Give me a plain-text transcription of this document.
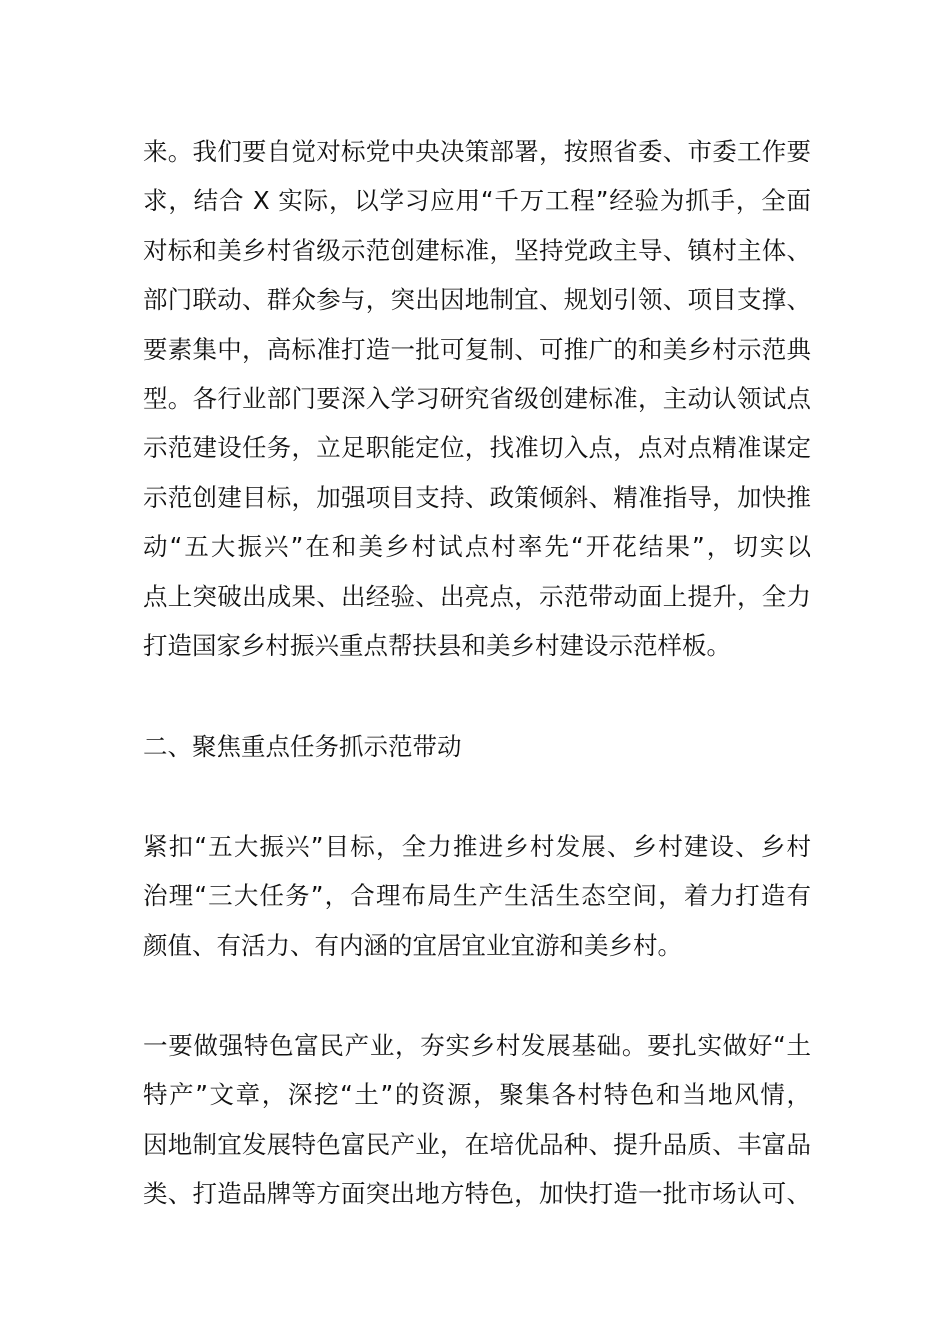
来。我们要自觉对标党中央决策部署，按照省委、市委工作要
求，结合 X 实际，以学习应用“千万工程”经验为抓手，全面
对标和美乡村省级示范创建标准，坚持党政主导、镇村主体、
部门联动、群众参与，突出因地制宜、规划引领、项目支撑、
要素集中，高标准打造一批可复制、可推广的和美乡村示范典
型。各行业部门要深入学习研究省级创建标准，主动认领试点
示范建设任务，立足职能定位，找准切入点，点对点精准谋定
示范创建目标，加强项目支持、政策倾斜、精准指导，加快推
动“五大振兴”在和美乡村试点村率先“开花结果”，切实以
点上突破出成果、出经验、出亮点，示范带动面上提升，全力
打造国家乡村振兴重点帮扶县和美乡村建设示范样板。
二、聚焦重点任务抓示范带动
紧扣“五大振兴”目标，全力推进乡村发展、乡村建设、乡村
治理“三大任务”，合理布局生产生活生态空间，着力打造有
颜值、有活力、有内涵的宜居宜业宜游和美乡村。
一要做强特色富民产业，夯实乡村发展基础。要扎实做好“土
特产”文章，深挖“土”的资源，聚集各村特色和当地风情，
因地制宜发展特色富民产业，在培优品种、提升品质、丰富品
类、打造品牌等方面突出地方特色，加快打造一批市场认可、
